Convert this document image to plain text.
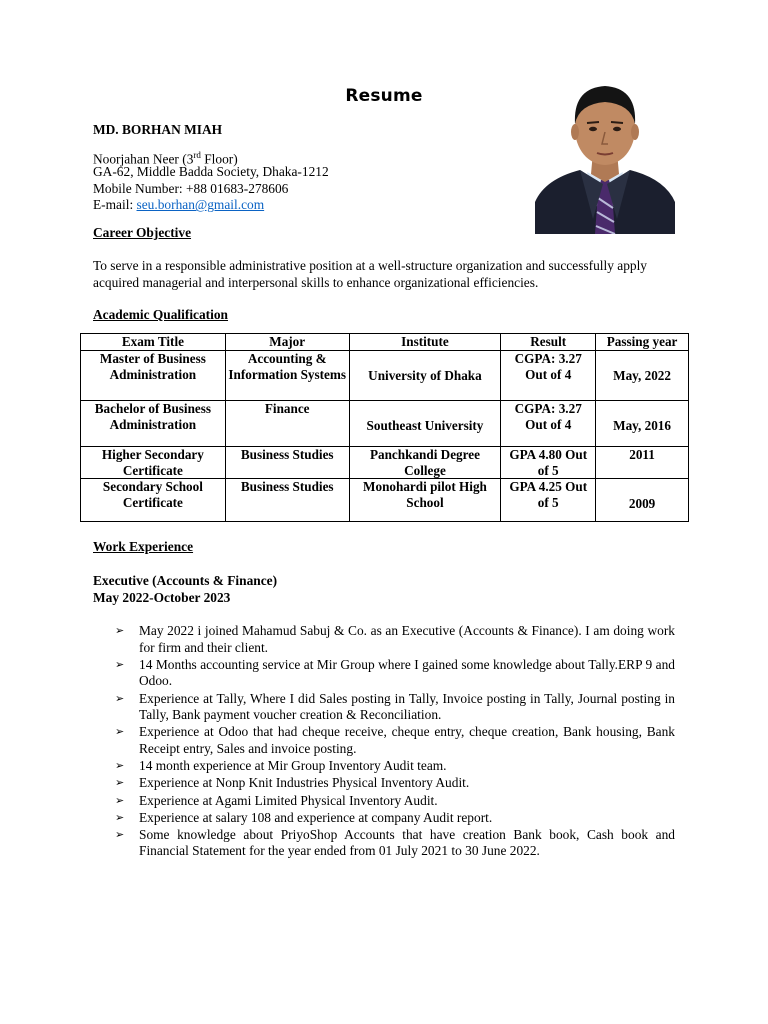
Resume
MD. BORHAN MIAH
Noorjahan Neer (3rd Floor)
GA-62, Middle Badda Society, Dhaka-1212
Mobile Number: +88 01683-278606
E-mail: seu.borhan@gmail.com
Career Objective
To serve in a responsible administrative position at a well-structure organization and successfully apply acquired managerial and interpersonal skills to enhance organizational efficiencies.
Academic Qualification
Exam Title	Major	Institute	Result	Passing year
Master of Business Administration	Accounting & Information Systems	University of Dhaka	CGPA: 3.27 Out of 4	May, 2022
Bachelor of Business Administration	Finance	Southeast University	CGPA: 3.27 Out of 4	May, 2016
Higher Secondary Certificate	Business Studies	Panchkandi Degree College	GPA 4.80 Out of 5	2011
Secondary School Certificate	Business Studies	Monohardi pilot High School	GPA 4.25 Out of 5	2009
Work Experience
Executive (Accounts & Finance)
May 2022-October 2023
➢ May 2022 i joined Mahamud Sabuj & Co. as an Executive (Accounts & Finance). I am doing work for firm and their client.
➢ 14 Months accounting service at Mir Group where I gained some knowledge about Tally.ERP 9 and Odoo.
➢ Experience at Tally, Where I did Sales posting in Tally, Invoice posting in Tally, Journal posting in Tally, Bank payment voucher creation & Reconciliation.
➢ Experience at Odoo that had cheque receive, cheque entry, cheque creation, Bank housing, Bank Receipt entry, Sales and invoice posting.
➢ 14 month experience at Mir Group Inventory Audit team.
➢ Experience at Nonp Knit Industries Physical Inventory Audit.
➢ Experience at Agami Limited Physical Inventory Audit.
➢ Experience at salary 108 and experience at company Audit report.
➢ Some knowledge about PriyoShop Accounts that have creation Bank book, Cash book and Financial Statement for the year ended from 01 July 2021 to 30 June 2022.
